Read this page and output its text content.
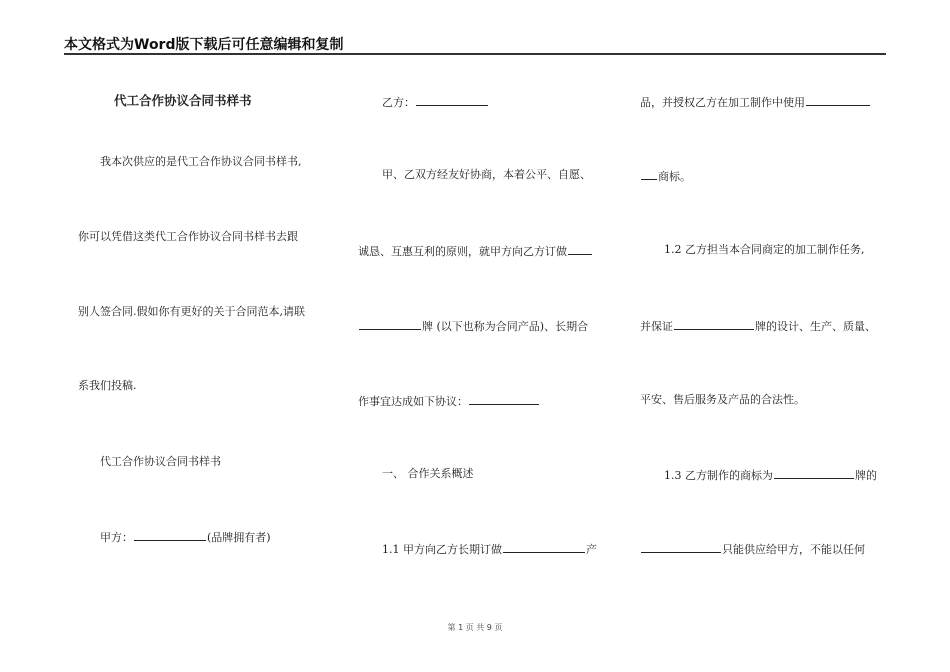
本文格式为Word版下载后可任意编辑和复制
代工合作协议合同书样书
我本次供应的是代工合作协议合同书样书,
你可以凭借这类代工合作协议合同书样书去跟
别人签合同.假如你有更好的关于合同范本,请联
系我们投稿.
代工合作协议合同书样书
甲方：	(品牌拥有者)
乙方：
甲、乙双方经友好协商，本着公平、自愿、
诚恳、互惠互利的原则，就甲方向乙方订做
牌 (以下也称为合同产品)、长期合
作事宜达成如下协议：
一、 合作关系概述
1.1 甲方向乙方长期订做	产
品，并授权乙方在加工制作中使用
商标。
1.2 乙方担当本合同商定的加工制作任务,
并保证	牌的设计、生产、质量、
平安、售后服务及产品的合法性。
1.3 乙方制作的商标为	牌的
只能供应给甲方，不能以任何
第 1 页 共 9 页
